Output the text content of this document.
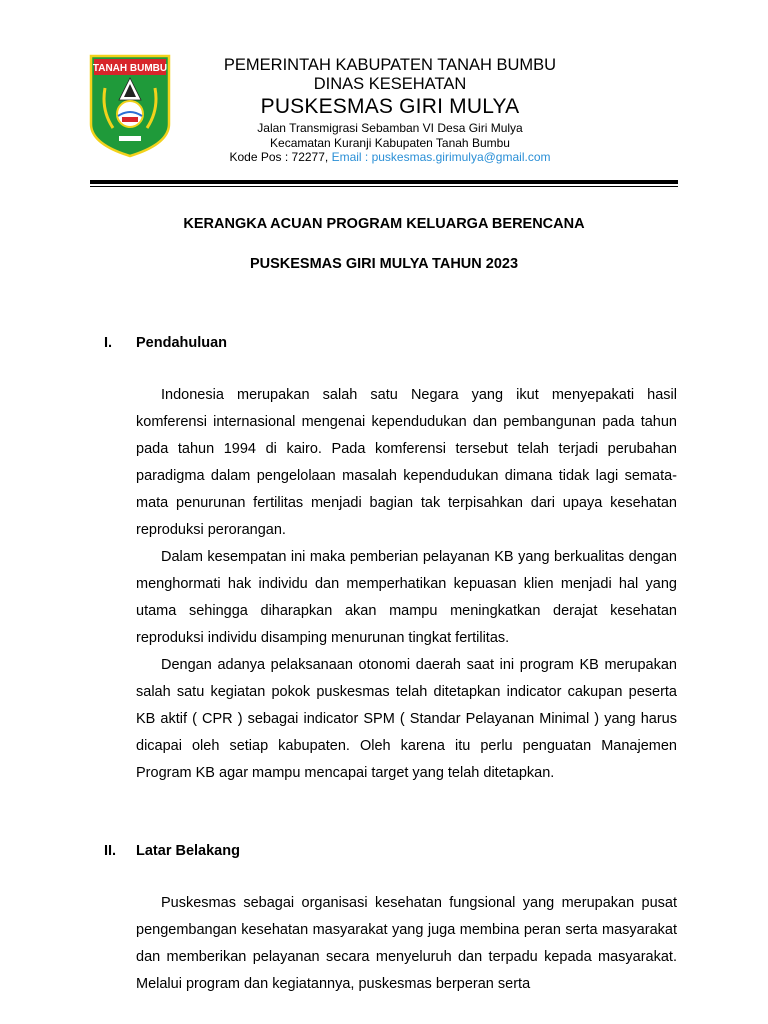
TANAH BUMBU	PEMERINTAH KABUPATEN TANAH BUMBU
DINAS KESEHATAN
PUSKESMAS GIRI MULYA
Jalan Transmigrasi Sebamban VI Desa Giri Mulya
Kecamatan Kuranji Kabupaten Tanah Bumbu
Kode Pos : 72277, Email : puskesmas.girimulya@gmail.com
KERANGKA ACUAN PROGRAM KELUARGA BERENCANA
PUSKESMAS GIRI MULYA TAHUN 2023
I. Pendahuluan

Indonesia merupakan salah satu Negara yang ikut menyepakati hasil komferensi internasional mengenai kependudukan dan pembangunan pada tahun pada tahun 1994 di kairo. Pada komferensi tersebut telah terjadi perubahan paradigma dalam pengelolaan masalah kependudukan dimana tidak lagi semata-mata penurunan fertilitas menjadi bagian tak terpisahkan dari upaya kesehatan reproduksi perorangan.

Dalam kesempatan ini maka pemberian pelayanan KB yang berkualitas dengan menghormati hak individu dan memperhatikan kepuasan klien menjadi hal yang utama sehingga diharapkan akan mampu meningkatkan derajat kesehatan reproduksi individu disamping menurunan tingkat fertilitas.

Dengan adanya pelaksanaan otonomi daerah saat ini program KB merupakan salah satu kegiatan pokok puskesmas telah ditetapkan indicator cakupan peserta KB aktif ( CPR ) sebagai indicator SPM ( Standar Pelayanan Minimal ) yang harus dicapai oleh setiap kabupaten. Oleh karena itu perlu penguatan Manajemen Program KB agar mampu mencapai target yang telah ditetapkan.

II. Latar Belakang

Puskesmas sebagai organisasi kesehatan fungsional yang merupakan pusat pengembangan kesehatan masyarakat yang juga membina peran serta masyarakat dan memberikan pelayanan secara menyeluruh dan terpadu kepada masyarakat. Melalui program dan kegiatannya, puskesmas berperan serta
